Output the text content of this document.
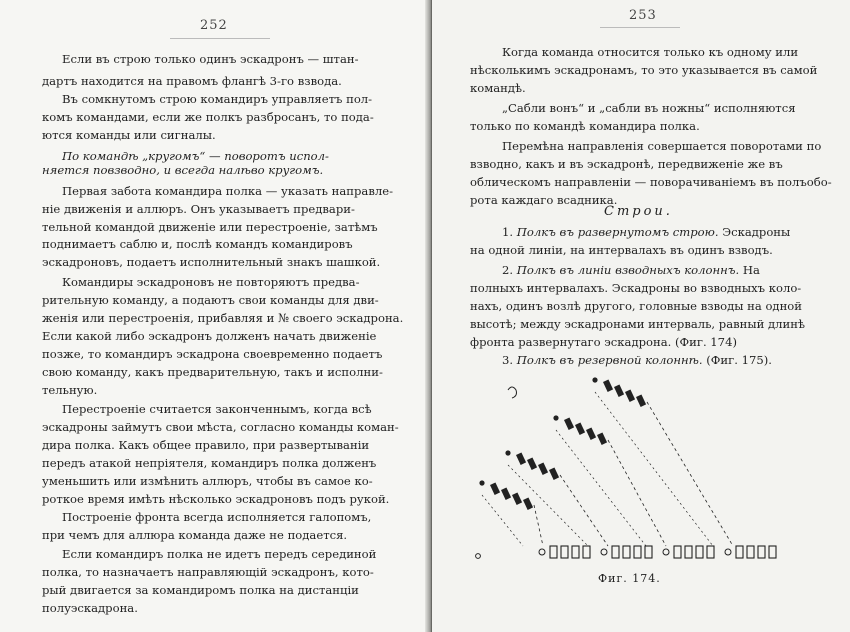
252
Если въ строю только одинъ эскадронъ — штан-
дартъ находится на правомъ флангѣ 3-го взвода.
Въ сомкнутомъ строю командиръ управляетъ пол-
комъ командами, если же полкъ разбросанъ, то пода-
ются команды или сигналы.
По командѣ „кругомъ“ — поворотъ испол-
няется повзводно, и всегда налѣво кругомъ.
Первая забота командира полка — указать направле-
ніе движенія и аллюръ. Онъ указываетъ предвари-
тельной командой движеніе или перестроеніе, затѣмъ
поднимаетъ саблю и, послѣ командъ командировъ
эскадроновъ, подаетъ исполнительный знакъ шашкой.
Командиры эскадроновъ не повторяютъ предва-
рительную команду, а подаютъ свои команды для дви-
женія или перестроенія, прибавляя и № своего эскадрона.
Если какой либо эскадронъ долженъ начать движеніе
позже, то командиръ эскадрона своевременно подаетъ
свою команду, какъ предварительную, такъ и исполни-
тельную.
Перестроеніе считается законченнымъ, когда всѣ
эскадроны займутъ свои мѣста, согласно команды коман-
дира полка. Какъ общее правило, при развертываніи
передъ атакой непріятеля, командиръ полка долженъ
уменьшить или измѣнить аллюръ, чтобы въ самое ко-
роткое время имѣть нѣсколько эскадроновъ подъ рукой.
Построеніе фронта всегда исполняется галопомъ,
при чемъ для аллюра команда даже не подается.
Если командиръ полка не идетъ передъ серединой
полка, то назначаетъ направляющій эскадронъ, кото-
рый двигается за командиромъ полка на дистанціи
полуэскадрона.
Когда команда относится только къ одному или
нѣсколькимъ эскадронамъ, то это указывается въ самой
командѣ.
„Сабли вонъ“ и „сабли въ ножны“ исполняются
только по командѣ командира полка.
Перемѣна направленія совершается поворотами по
взводно, какъ и въ эскадронѣ, передвиженіе же въ
облическомъ направленіи — поворачиваніемъ въ полъобо-
рота каждаго всадника.
Строи.
1. Полкъ въ развернутомъ строю. Эскадроны
на одной линіи, на интервалахъ въ одинъ взводъ.
2. Полкъ въ линіи взводныхъ колоннъ. На
полныхъ интервалахъ. Эскадроны во взводныхъ коло-
нахъ, одинъ возлѣ другого, головные взводы на одной
высотѣ; между эскадронами интерваль, равный длинѣ
фронта развернутаго эскадрона. (Фиг. 174)
3. Полкъ въ резервной колоннѣ. (Фиг. 175).
253
Фиг. 174.
